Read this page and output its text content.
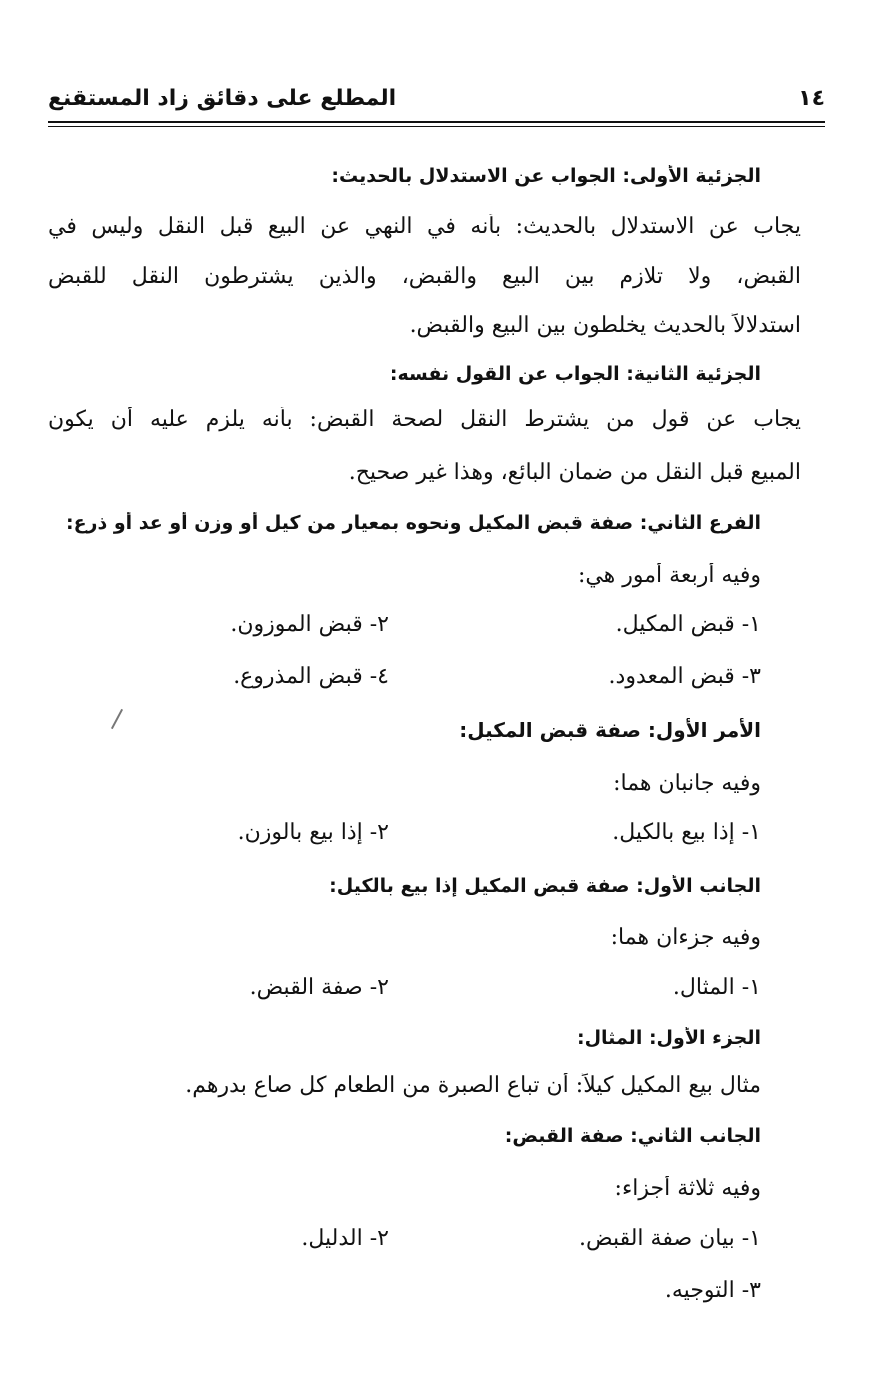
١٤
المطلع على دقائق زاد المستقنع
الجزئية الأولى: الجواب عن الاستدلال بالحديث:
يجاب عن الاستدلال بالحديث: بأنه في النهي عن البيع قبل النقل وليس في
القبض، ولا تلازم بين البيع والقبض، والذين يشترطون النقل للقبض
استدلالاً بالحديث يخلطون بين البيع والقبض.
الجزئية الثانية: الجواب عن القول نفسه:
يجاب عن قول من يشترط النقل لصحة القبض: بأنه يلزم عليه أن يكون
المبيع قبل النقل من ضمان البائع، وهذا غير صحيح.
الفرع الثاني: صفة قبض المكيل ونحوه بمعيار من كيل أو وزن أو عد أو ذرع:
وفيه أربعة أمور هي:
١- قبض المكيل.
٢- قبض الموزون.
٣- قبض المعدود.
٤- قبض المذروع.
الأمر الأول: صفة قبض المكيل:
وفيه جانبان هما:
١- إذا بيع بالكيل.
٢- إذا بيع بالوزن.
الجانب الأول: صفة قبض المكيل إذا بيع بالكيل:
وفيه جزءان هما:
١- المثال.
٢- صفة القبض.
الجزء الأول: المثال:
مثال بيع المكيل كيلاً: أن تباع الصبرة من الطعام كل صاع بدرهم.
الجانب الثاني: صفة القبض:
وفيه ثلاثة أجزاء:
١- بيان صفة القبض.
٢- الدليل.
٣- التوجيه.
